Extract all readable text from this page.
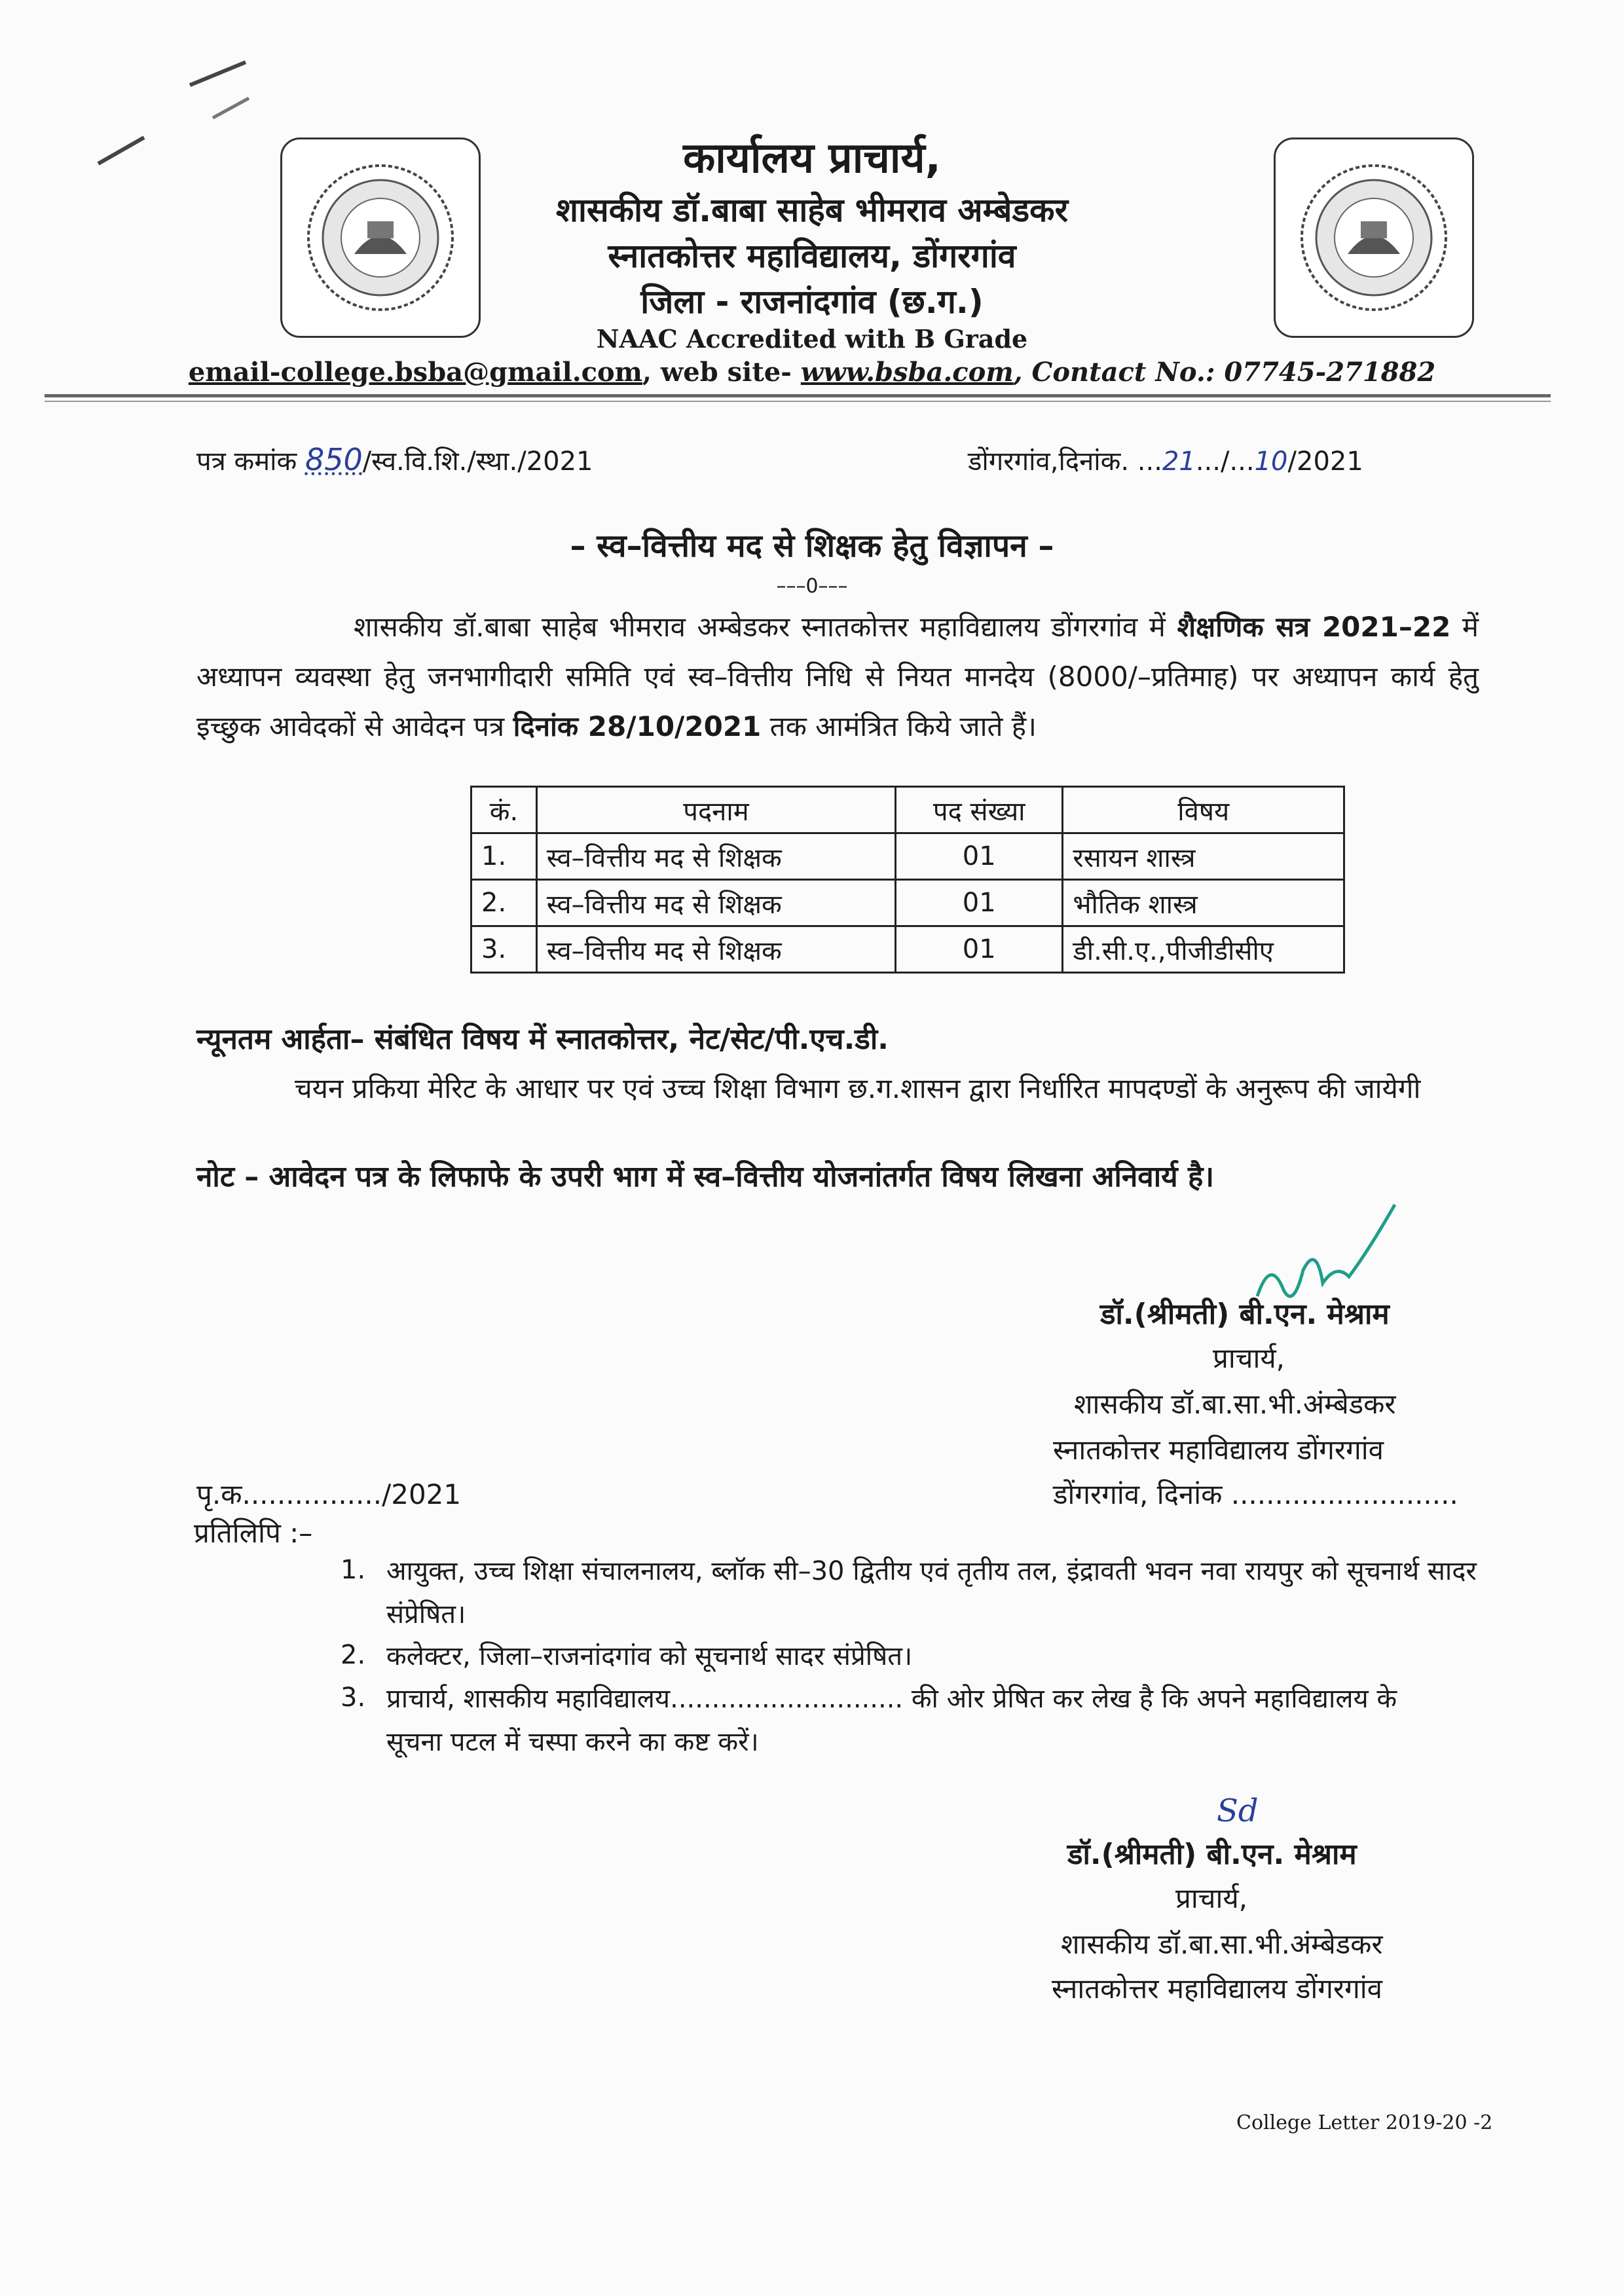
कार्यालय प्राचार्य,
शासकीय डॉ.बाबा साहेब भीमराव अम्बेडकर
स्नातकोत्तर महाविद्यालय, डोंगरगांव
जिला - राजनांदगांव (छ.ग.)
NAAC Accredited with B Grade
email-college.bsba@gmail.com, web site- www.bsba.com, Contact No.: 07745-271882
पत्र कमांक 850/स्व.वि.शि./स्था./2021	डोंगरगांव,दिनांक. ...21.../...10/2021
– स्व–वित्तीय मद से शिक्षक हेतु विज्ञापन –
–––0–––
शासकीय डॉ.बाबा साहेब भीमराव अम्बेडकर स्नातकोत्तर महाविद्यालय डोंगरगांव में शैक्षणिक सत्र 2021–22 में अध्यापन व्यवस्था हेतु जनभागीदारी समिति एवं स्व–वित्तीय निधि से नियत मानदेय (8000/–प्रतिमाह) पर अध्यापन कार्य हेतु इच्छुक आवेदकों से आवेदन पत्र दिनांक 28/10/2021 तक आमंत्रित किये जाते हैं।
कं.	पदनाम	पद संख्या	विषय
1.	स्व–वित्तीय मद से शिक्षक	01	रसायन शास्त्र
2.	स्व–वित्तीय मद से शिक्षक	01	भौतिक शास्त्र
3.	स्व–वित्तीय मद से शिक्षक	01	डी.सी.ए.,पीजीडीसीए
न्यूनतम आर्हता– संबंधित विषय में स्नातकोत्तर, नेट/सेट/पी.एच.डी.
चयन प्रकिया मेरिट के आधार पर एवं उच्च शिक्षा विभाग छ.ग.शासन द्वारा निर्धारित मापदण्डों के अनुरूप की जायेगी
नोट – आवेदन पत्र के लिफाफे के उपरी भाग में स्व–वित्तीय योजनांतर्गत विषय लिखना अनिवार्य है।
डॉ.(श्रीमती) बी.एन. मेश्राम
प्राचार्य,
शासकीय डॉ.बा.सा.भी.अंम्बेडकर
स्नातकोत्तर महाविद्यालय डोंगरगांव
डोंगरगांव, दिनांक ..........................
पृ.क................/2021
प्रतिलिपि :–
1. आयुक्त, उच्च शिक्षा संचालनालय, ब्लॉक सी–30 द्वितीय एवं तृतीय तल, इंद्रावती भवन नवा रायपुर को सूचनार्थ सादर संप्रेषित।
2. कलेक्टर, जिला–राजनांदगांव को सूचनार्थ सादर संप्रेषित।
3. प्राचार्य, शासकीय महाविद्यालय............................ की ओर प्रेषित कर लेख है कि अपने महाविद्यालय के सूचना पटल में चस्पा करने का कष्ट करें।
Sd
डॉ.(श्रीमती) बी.एन. मेश्राम
प्राचार्य,
शासकीय डॉ.बा.सा.भी.अंम्बेडकर
स्नातकोत्तर महाविद्यालय डोंगरगांव
College Letter 2019-20 -2
